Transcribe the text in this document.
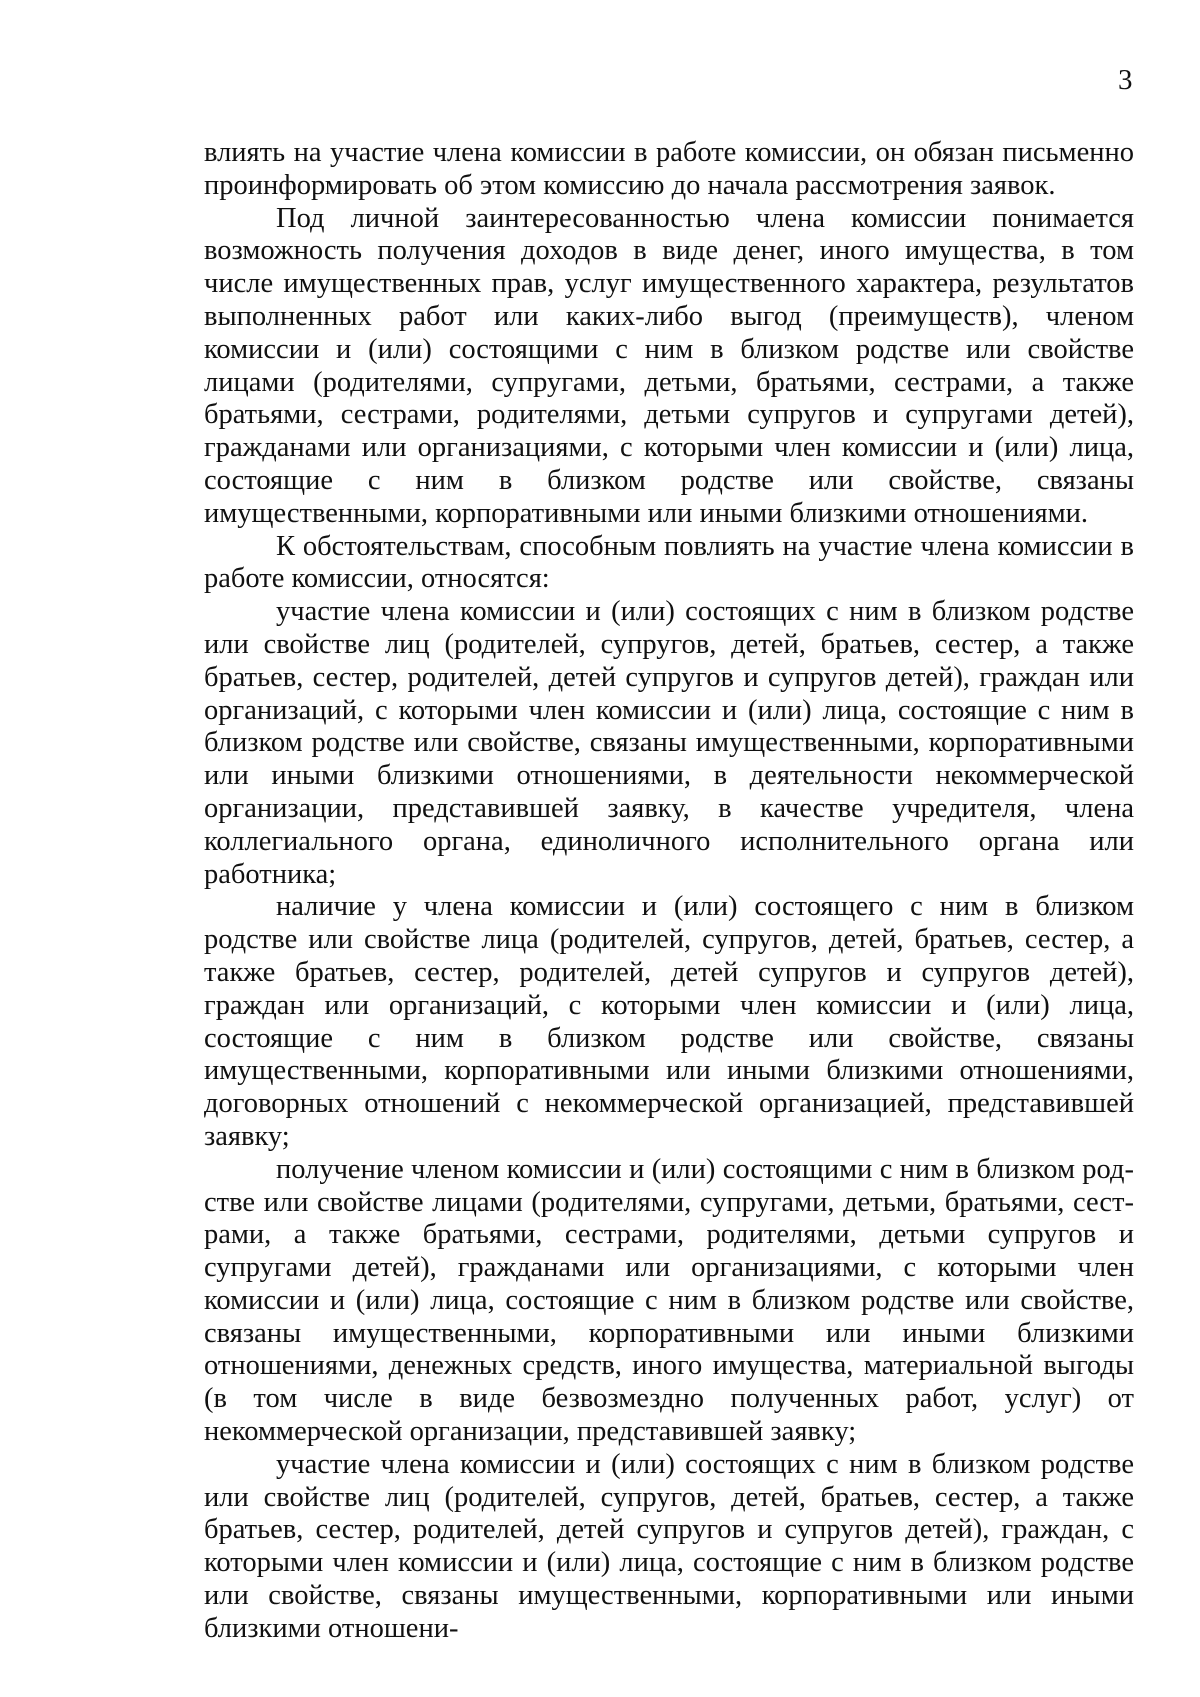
3

влиять на участие члена комиссии в работе комиссии, он обязан письменно проинформировать об этом комиссию до начала рассмотрения заявок.

Под личной заинтересованностью члена комиссии понимается возможность получения доходов в виде денег, иного имущества, в том числе имущественных прав, услуг имущественного характера, результатов выполненных работ или каких-либо выгод (преимуществ), членом комиссии и (или) состоящими с ним в близком родстве или свойстве лицами (родителями, супругами, детьми, братьями, сестрами, а также братьями, сестрами, родителями, детьми супругов и супругами детей), гражданами или организациями, с которыми член комиссии и (или) лица, состоящие с ним в близком родстве или свойстве, связаны имущественными, корпоративными или иными близкими отношениями.

К обстоятельствам, способным повлиять на участие члена комиссии в работе комиссии, относятся:

участие члена комиссии и (или) состоящих с ним в близком родстве или свойстве лиц (родителей, супругов, детей, братьев, сестер, а также братьев, сестер, родителей, детей супругов и супругов детей), граждан или организаций, с которыми член комиссии и (или) лица, состоящие с ним в близком родстве или свойстве, связаны имущественными, корпоративными или иными близкими отношениями, в деятельности некоммерческой организации, представившей заявку, в качестве учредителя, члена коллегиального органа, единоличного исполнительного органа или работника;

наличие у члена комиссии и (или) состоящего с ним в близком родстве или свойстве лица (родителей, супругов, детей, братьев, сестер, а также братьев, сестер, родителей, детей супругов и супругов детей), граждан или организаций, с которыми член комиссии и (или) лица, состоящие с ним в близком родстве или свойстве, связаны имущественными, корпоративными или иными близкими отношениями, договорных отношений с некоммерческой организацией, представившей заявку;

получение членом комиссии и (или) состоящими с ним в близком родстве или свойстве лицами (родителями, супругами, детьми, братьями, сестрами, а также братьями, сестрами, родителями, детьми супругов и супругами детей), гражданами или организациями, с которыми член комиссии и (или) лица, состоящие с ним в близком родстве или свойстве, связаны имущественными, корпоративными или иными близкими отношениями, денежных средств, иного имущества, материальной выгоды (в том числе в виде безвозмездно полученных работ, услуг) от некоммерческой организации, представившей заявку;

участие члена комиссии и (или) состоящих с ним в близком родстве или свойстве лиц (родителей, супругов, детей, братьев, сестер, а также братьев, сестер, родителей, детей супругов и супругов детей), граждан, с которыми член комиссии и (или) лица, состоящие с ним в близком родстве или свойстве, связаны имущественными, корпоративными или иными близкими отношени-
